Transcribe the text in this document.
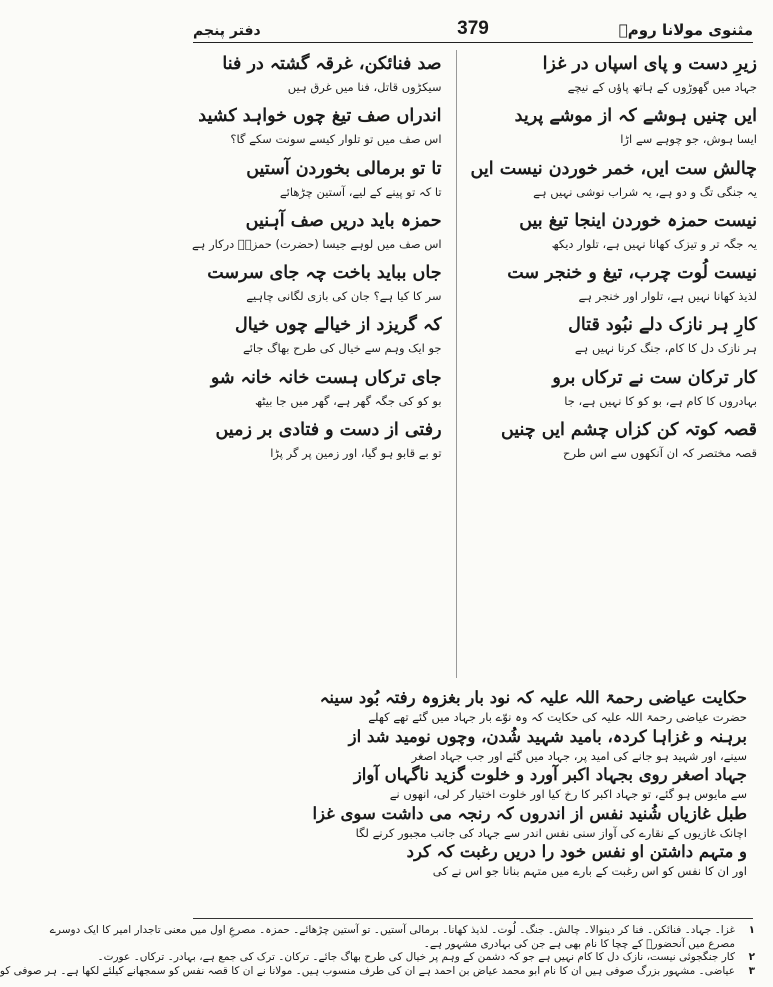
مثنوی مولانا رومؒ
379
دفتر پنجم
زیرِ دست و پای اسپاں در غزا
جہاد میں گھوڑوں کے ہاتھ پاؤں کے نیچے
ایں چنیں ہوشے کہ از موشے پرید
ایسا ہوش، جو چوہے سے اڑا
چالش ست ایں، خمر خوردن نیست ایں
یہ جنگی تگ و دو ہے، یہ شراب نوشی نہیں ہے
نیست حمزہ خوردن اینجا تیغ بیں
یہ جگہ تر و تیزک کھانا نہیں ہے، تلوار دیکھ
نیست لُوت چرب، تیغ و خنجر ست
لذیذ کھانا نہیں ہے، تلوار اور خنجر ہے
کارِ ہر نازک دلے نبُود قتال
ہر نازک دل کا کام، جنگ کرنا نہیں ہے
کار ترکان ست نے ترکاں برو
بہادروں کا کام ہے، بو کو کا نہیں ہے، جا
قصہ کوتہ کن کزاں چشم ایں چنیں
قصہ مختصر کہ ان آنکھوں سے اس طرح
صد فنائکن، غرقہ گشتہ در فنا
سیکڑوں قاتل، فنا میں غرق ہیں
اندراں صف تیغ چوں خواہد کشید
اس صف میں تو تلوار کیسے سونت سکے گا؟
تا تو برمالی بخوردن آستیں
تا کہ تو پینے کے لیے، آستین چڑھائے
حمزہ باید دریں صف آہنیں
اس صف میں لوہے جیسا (حضرت) حمزہؓ درکار ہے
جاں بباید باخت چہ جای سرست
سر کا کیا ہے؟ جان کی بازی لگانی چاہیے
کہ گریزد از خیالے چوں خیال
جو ایک وہم سے خیال کی طرح بھاگ جائے
جای ترکاں ہست خانہ خانہ شو
بو کو کی جگہ گھر ہے، گھر میں جا بیٹھ
رفتی از دست و فتادی بر زمیں
تو بے قابو ہو گیا، اور زمین پر گر پڑا
حکایت عیاضی رحمۃ اللہ علیہ کہ نود بار بغزوہ رفتہ بُود سینہ
حضرت عیاضی رحمۃ اللہ علیہ کی حکایت کہ وہ نوّے بار جہاد میں گئے تھے کھلے
برہنہ و غزاہا کردہ، بامید شہید شُدن، وچوں نومید شد از
سینے، اور شہید ہو جانے کی امید پر، جہاد میں گئے اور جب جہاد اصغر
جہاد اصغر روی بجہاد اکبر آورد و خلوت گزید ناگہاں آواز
سے مایوس ہو گئے، تو جہاد اکبر کا رخ کیا اور خلوت اختیار کر لی، انھوں نے
طبل غازیاں شُنید نفس از اندروں کہ رنجہ می داشت سوی غزا
اچانک غازیوں کے نقارے کی آواز سنی نفس اندر سے جہاد کی جانب مجبور کرنے لگا
و متہم داشتن او نفس خود را دریں رغبت کہ کرد
اور ان کا نفس کو اس رغبت کے بارے میں متہم بنانا جو اس نے کی
۱
غزا۔ جہاد۔ فنائکن۔ فنا کر دینوالا۔ چالش۔ جنگ۔ لُوت۔ لذیذ کھانا۔ برمالی آستیں۔ تو آستین چڑھائے۔ حمزہ۔ مصرعِ اول میں معنی تاجدار امیر کا ایک دوسرے
مصرع میں آنحضورؐ کے چچا کا نام بھی ہے جن کی بہادری مشہور ہے۔
۲
کار جنگجوئی نیست، نازک دل کا کام نہیں ہے جو کہ دشمن کے وہم پر خیال کی طرح بھاگ جائے۔ ترکان۔ ترک کی جمع ہے، بہادر۔ ترکاں۔ عورت۔
۳
عیاضی۔ مشہور بزرگ صوفی ہیں ان کا نام ابو محمد عیاض بن احمد ہے ان کی طرف منسوب ہیں۔ مولانا نے ان کا قصہ نفس کو سمجھانے کیلئے لکھا ہے۔ ہر صوفی کو
